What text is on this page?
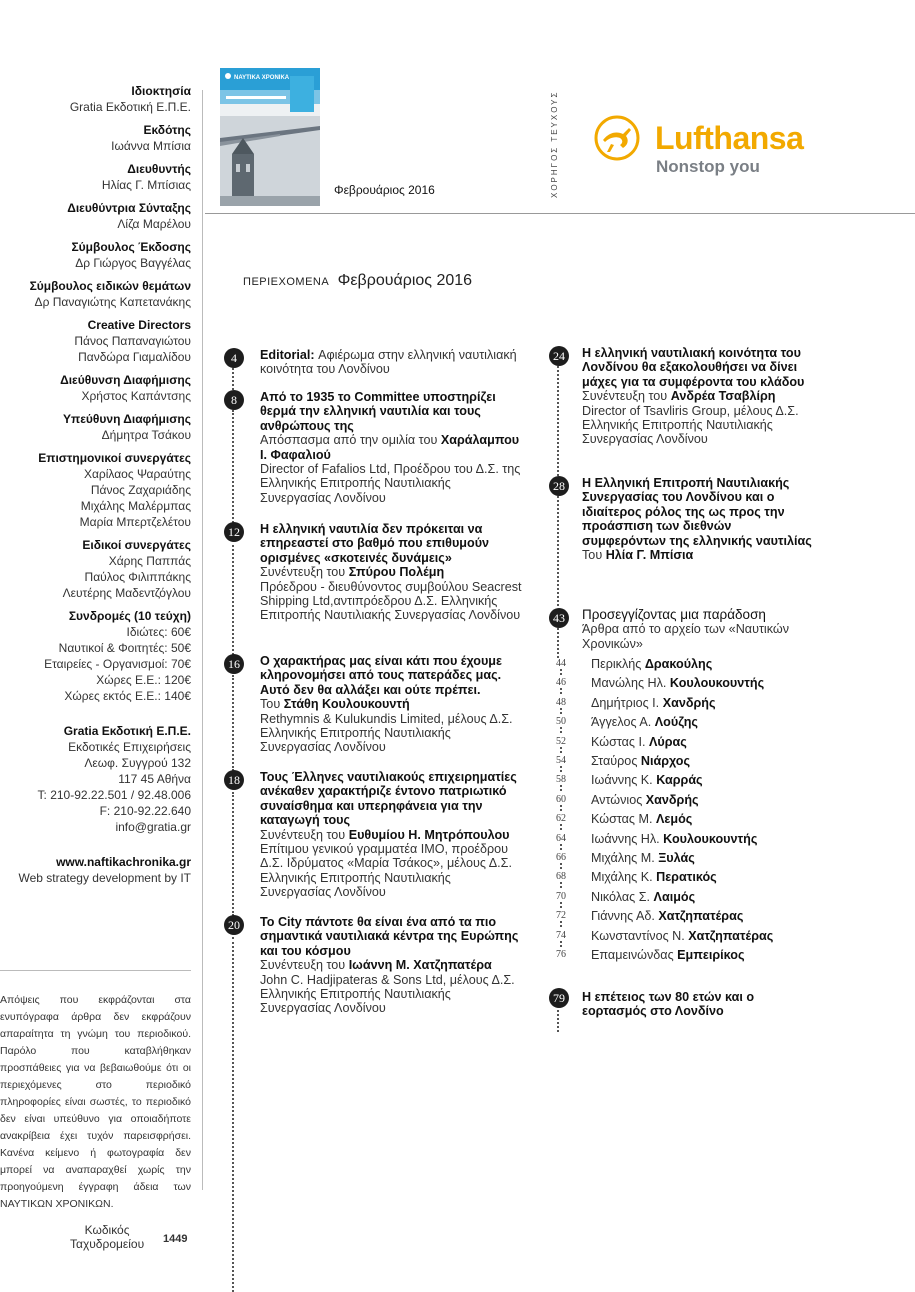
Ιδιοκτησία
Gratia Εκδοτική Ε.Π.Ε.
Εκδότης
Ιωάννα Μπίσια
Διευθυντής
Ηλίας Γ. Μπίσιας
Διευθύντρια Σύνταξης
Λίζα Μαρέλου
Σύμβουλος Έκδοσης
Δρ Γιώργος Βαγγέλας
Σύμβουλος ειδικών θεμάτων
Δρ Παναγιώτης Καπετανάκης
Creative Directors
Πάνος Παπαναγιώτου
Πανδώρα Γιαμαλίδου
Διεύθυνση Διαφήμισης
Χρήστος Καπάντσης
Υπεύθυνη Διαφήμισης
Δήμητρα Τσάκου
Επιστημονικοί συνεργάτες
Χαρίλαος Ψαραύτης
Πάνος Ζαχαριάδης
Μιχάλης Μαλέρμπας
Μαρία Μπερτζελέτου
Ειδικοί συνεργάτες
Χάρης Παππάς
Παύλος Φιλιππάκης
Λευτέρης Μαδεντζόγλου
Συνδρομές (10 τεύχη)
Ιδιώτες: 60€
Ναυτικοί & Φοιτητές: 50€
Εταιρείες - Οργανισμοί: 70€
Χώρες Ε.Ε.: 120€
Χώρες εκτός Ε.Ε.: 140€
Gratia Εκδοτική Ε.Π.Ε.
Εκδοτικές Επιχειρήσεις
Λεωφ. Συγγρού 132
117 45 Αθήνα
T: 210-92.22.501 / 92.48.006
F: 210-92.22.640
info@gratia.gr
www.naftikachronika.gr
Web strategy development by IT
Απόψεις που εκφράζονται στα ενυπόγραφα άρθρα δεν εκφράζουν απαραίτητα τη γνώμη του περιοδικού. Παρόλο που καταβλήθηκαν προσπάθειες για να βεβαιωθούμε ότι οι περιεχόμενες στο περιοδικό πληροφορίες είναι σωστές, το περιοδικό δεν είναι υπεύθυνο για οποιαδήποτε ανακρίβεια έχει τυχόν παρεισφρήσει. Κανένα κείμενο ή φωτογραφία δεν μπορεί να αναπαραχθεί χωρίς την προηγούμενη έγγραφη άδεια των ΝΑΥΤΙΚΩΝ ΧΡΟΝΙΚΩΝ.
Κωδικός
Ταχυδρομείου 1449
ΝΑΥΤΙΚΑ ΧΡΟΝΙΚΑ
Φεβρουάριος 2016	ΧΟΡΗΓΟΣ ΤΕΥΧΟΥΣ	Lufthansa
Nonstop you
ΠΕΡΙΕΧΟΜΕΝΑ Φεβρουάριος 2016
4	Editorial: Αφιέρωμα στην ελληνική ναυτιλιακή κοινότητα του Λονδίνου
8	Από το 1935 το Committee υποστηρίζει θερμά την ελληνική ναυτιλία και τους ανθρώπους της
Απόσπασμα από την ομιλία του Χαράλαμπου Ι. Φαφαλιού
Director of Fafalios Ltd, Προέδρου του Δ.Σ. της Ελληνικής Επιτροπής Ναυτιλιακής Συνεργασίας Λονδίνου
12	Η ελληνική ναυτιλία δεν πρόκειται να επηρεαστεί στο βαθμό που επιθυμούν ορισμένες «σκοτεινές δυνάμεις»
Συνέντευξη του Σπύρου Πολέμη
Πρόεδρου - διευθύνοντος συμβούλου Seacrest Shipping Ltd,αντιπρόεδρου Δ.Σ. Ελληνικής Επιτροπής Ναυτιλιακής Συνεργασίας Λονδίνου
16	Ο χαρακτήρας μας είναι κάτι που έχουμε κληρονομήσει από τους πατεράδες μας. Αυτό δεν θα αλλάξει και ούτε πρέπει.
Του Στάθη Κουλουκουντή
Rethymnis & Kulukundis Limited, μέλους Δ.Σ. Ελληνικής Επιτροπής Ναυτιλιακής Συνεργασίας Λονδίνου
18	Τους Έλληνες ναυτιλιακούς επιχειρηματίες ανέκαθεν χαρακτήριζε έντονο πατριωτικό συναίσθημα και υπερηφάνεια για την καταγωγή τους
Συνέντευξη του Ευθυμίου Η. Μητρόπουλου
Επίτιμου γενικού γραμματέα ΙΜΟ, προέδρου Δ.Σ. Ιδρύματος «Μαρία Τσάκος», μέλους Δ.Σ. Ελληνικής Επιτροπής Ναυτιλιακής Συνεργασίας Λονδίνου
20	Το City πάντοτε θα είναι ένα από τα πιο σημαντικά ναυτιλιακά κέντρα της Ευρώπης και του κόσμου
Συνέντευξη του Ιωάννη Μ. Χατζηπατέρα
John C. Hadjipateras & Sons Ltd, μέλους Δ.Σ. Ελληνικής Επιτροπής Ναυτιλιακής Συνεργασίας Λονδίνου
24	Η ελληνική ναυτιλιακή κοινότητα του Λονδίνου θα εξακολουθήσει να δίνει μάχες για τα συμφέροντα του κλάδου
Συνέντευξη του Ανδρέα Τσαβλίρη
Director of Tsavliris Group, μέλους Δ.Σ. Ελληνικής Επιτροπής Ναυτιλιακής Συνεργασίας Λονδίνου
28	Η Ελληνική Επιτροπή Ναυτιλιακής Συνεργασίας του Λονδίνου και ο ιδιαίτερος ρόλος της ως προς την προάσπιση των διεθνών συμφερόντων της ελληνικής ναυτιλίας
Του Ηλία Γ. Μπίσια
43 Προσεγγίζοντας μια παράδοση
Άρθρα από το αρχείο των «Ναυτικών Χρονικών»
79	Η επέτειος των 80 ετών και ο εορτασμός στο Λονδίνο
44 Περικλής Δρακούλης
46 Μανώλης Ηλ. Κουλουκουντής
48 Δημήτριος Ι. Χανδρής
50 Άγγελος Α. Λούζης
52 Κώστας Ι. Λύρας
54 Σταύρος Νιάρχος
58 Ιωάννης Κ. Καρράς
60 Αντώνιος Χανδρής
62 Κώστας Μ. Λεμός
64 Ιωάννης Ηλ. Κουλουκουντής
66 Μιχάλης Μ. Ξυλάς
68 Μιχάλης Κ. Περατικός
70 Νικόλας Σ. Λαιμός
72 Γιάννης Αδ. Χατζηπατέρας
74 Κωνσταντίνος Ν. Χατζηπατέρας
76 Επαμεινώνδας Εμπειρίκος
